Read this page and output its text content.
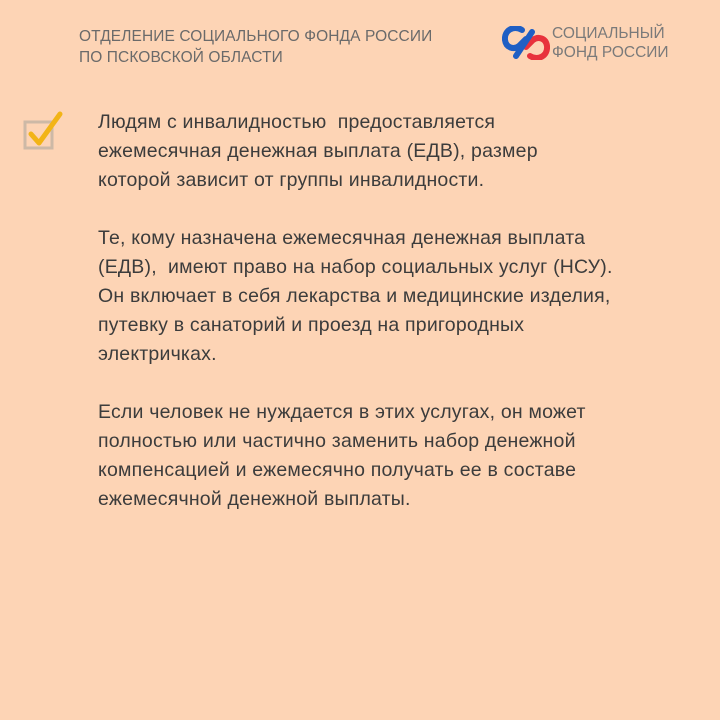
ОТДЕЛЕНИЕ СОЦИАЛЬНОГО ФОНДА РОССИИ
ПО ПСКОВСКОЙ ОБЛАСТИ
СОЦИАЛЬНЫЙ
ФОНД РОССИИ

Людям с инвалидностью  предоставляется
ежемесячная денежная выплата (ЕДВ), размер
которой зависит от группы инвалидности.

Те, кому назначена ежемесячная денежная выплата
(ЕДВ),  имеют право на набор социальных услуг (НСУ).
Он включает в себя лекарства и медицинские изделия,
путевку в санаторий и проезд на пригородных
электричках.

Если человек не нуждается в этих услугах, он может
полностью или частично заменить набор денежной
компенсацией и ежемесячно получать ее в составе
ежемесячной денежной выплаты.
